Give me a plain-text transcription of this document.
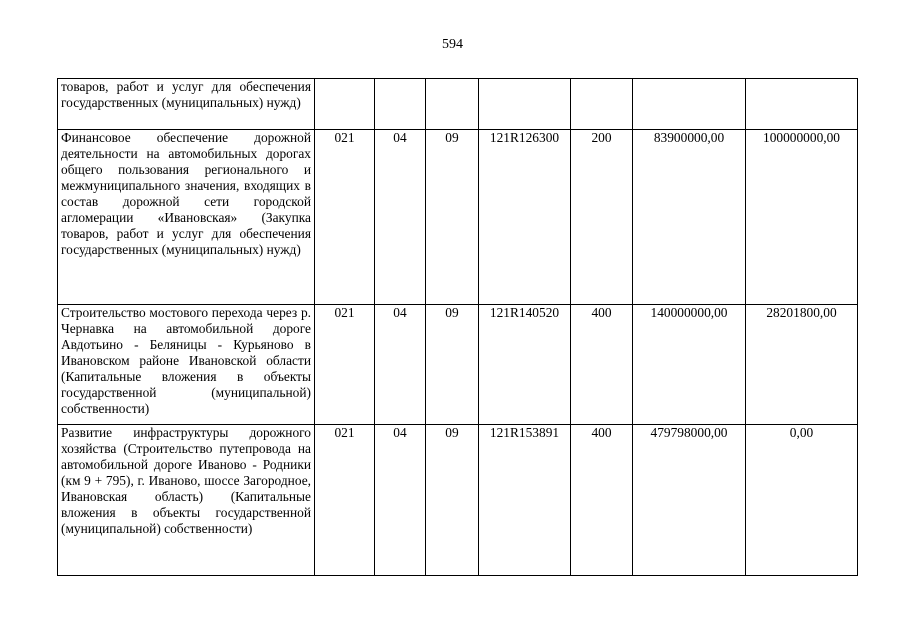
594
товаров, работ и услуг для обеспечения государственных (муниципальных) нужд)							
Финансовое обеспечение дорожной деятельности на автомобильных дорогах общего пользования регионального и межмуниципального значения, входящих в состав дорожной сети городской агломерации «Ивановская» (Закупка товаров, работ и услуг для обеспечения государственных (муниципальных) нужд)	021	04	09	121R126300	200	83900000,00	100000000,00
Строительство мостового перехода через р. Чернавка на автомобильной дороге Авдотьино - Беляницы - Курьяново в Ивановском районе Ивановской области (Капитальные вложения в объекты государственной (муниципальной) собственности)	021	04	09	121R140520	400	140000000,00	28201800,00
Развитие инфраструктуры дорожного хозяйства (Строительство путепровода на автомобильной дороге Иваново - Родники (км 9 + 795), г. Иваново, шоссе Загородное, Ивановская область) (Капитальные вложения в объекты государственной (муниципальной) собственности)	021	04	09	121R153891	400	479798000,00	0,00
